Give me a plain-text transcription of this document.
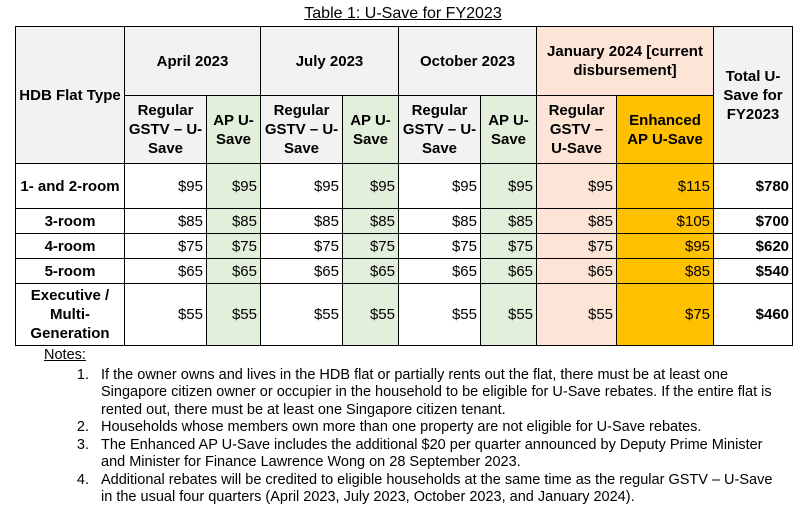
Table 1: U-Save for FY2023
HDB Flat Type	April 2023		July 2023		October 2023		January 2024 [current disbursement]		Total U-Save for FY2023
	Regular GSTV – U-Save	AP U-Save	Regular GSTV – U-Save	AP U-Save	Regular GSTV – U-Save	AP U-Save	Regular GSTV – U-Save	Enhanced AP U-Save	
1- and 2-room	$95	$95	$95	$95	$95	$95	$95	$115	$780
3-room	$85	$85	$85	$85	$85	$85	$85	$105	$700
4-room	$75	$75	$75	$75	$75	$75	$75	$95	$620
5-room	$65	$65	$65	$65	$65	$65	$65	$85	$540
Executive / Multi-Generation	$55	$55	$55	$55	$55	$55	$55	$75	$460
Notes:
1. If the owner owns and lives in the HDB flat or partially rents out the flat, there must be at least one Singapore citizen owner or occupier in the household to be eligible for U-Save rebates. If the entire flat is rented out, there must be at least one Singapore citizen tenant.
2. Households whose members own more than one property are not eligible for U-Save rebates.
3. The Enhanced AP U-Save includes the additional $20 per quarter announced by Deputy Prime Minister and Minister for Finance Lawrence Wong on 28 September 2023.
4. Additional rebates will be credited to eligible households at the same time as the regular GSTV – U-Save in the usual four quarters (April 2023, July 2023, October 2023, and January 2024).
